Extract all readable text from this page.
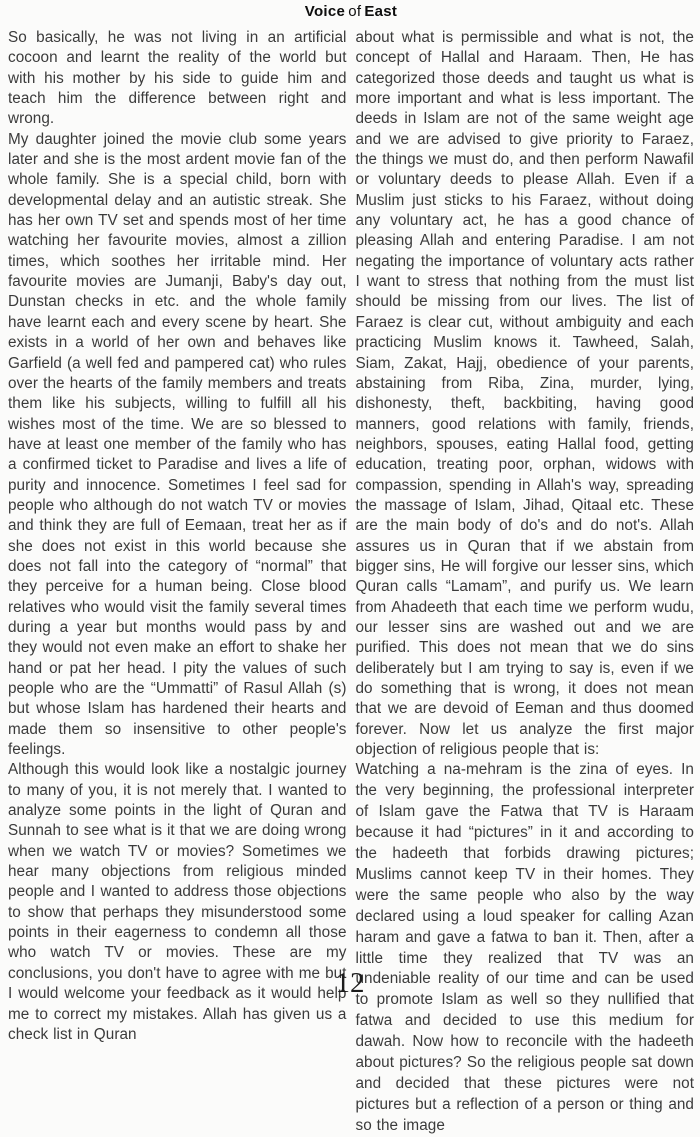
Voice of East

So basically, he was not living in an artificial cocoon and learnt the reality of the world but with his mother by his side to guide him and teach him the difference between right and wrong.

My daughter joined the movie club some years later and she is the most ardent movie fan of the whole family. She is a special child, born with developmental delay and an autistic streak. She has her own TV set and spends most of her time watching her favourite movies, almost a zillion times, which soothes her irritable mind. Her favourite movies are Jumanji, Baby's day out, Dunstan checks in etc. and the whole family have learnt each and every scene by heart. She exists in a world of her own and behaves like Garfield (a well fed and pampered cat) who rules over the hearts of the family members and treats them like his subjects, willing to fulfill all his wishes most of the time. We are so blessed to have at least one member of the family who has a confirmed ticket to Paradise and lives a life of purity and innocence. Sometimes I feel sad for people who although do not watch TV or movies and think they are full of Eemaan, treat her as if she does not exist in this world because she does not fall into the category of “normal” that they perceive for a human being. Close blood relatives who would visit the family several times during a year but months would pass by and they would not even make an effort to shake her hand or pat her head. I pity the values of such people who are the “Ummatti” of Rasul Allah (s) but whose Islam has hardened their hearts and made them so insensitive to other people's feelings.

Although this would look like a nostalgic journey to many of you, it is not merely that. I wanted to analyze some points in the light of Quran and Sunnah to see what is it that we are doing wrong when we watch TV or movies? Sometimes we hear many objections from religious minded people and I wanted to address those objections to show that perhaps they misunderstood some points in their eagerness to condemn all those who watch TV or movies. These are my conclusions, you don't have to agree with me but I would welcome your feedback as it would help me to correct my mistakes. Allah has given us a check list in Quran

about what is permissible and what is not, the concept of Hallal and Haraam. Then, He has categorized those deeds and taught us what is more important and what is less important. The deeds in Islam are not of the same weight age and we are advised to give priority to Faraez, the things we must do, and then perform Nawafil or voluntary deeds to please Allah. Even if a Muslim just sticks to his Faraez, without doing any voluntary act, he has a good chance of pleasing Allah and entering Paradise. I am not negating the importance of voluntary acts rather I want to stress that nothing from the must list should be missing from our lives. The list of Faraez is clear cut, without ambiguity and each practicing Muslim knows it. Tawheed, Salah, Siam, Zakat, Hajj, obedience of your parents, abstaining from Riba, Zina, murder, lying, dishonesty, theft, backbiting, having good manners, good relations with family, friends, neighbors, spouses, eating Hallal food, getting education, treating poor, orphan, widows with compassion, spending in Allah's way, spreading the massage of Islam, Jihad, Qitaal etc. These are the main body of do's and do not's. Allah assures us in Quran that if we abstain from bigger sins, He will forgive our lesser sins, which Quran calls “Lamam”, and purify us. We learn from Ahadeeth that each time we perform wudu, our lesser sins are washed out and we are purified. This does not mean that we do sins deliberately but I am trying to say is, even if we do something that is wrong, it does not mean that we are devoid of Eeman and thus doomed forever. Now let us analyze the first major objection of religious people that is:

Watching a na-mehram is the zina of eyes. In the very beginning, the professional interpreter of Islam gave the Fatwa that TV is Haraam because it had “pictures” in it and according to the hadeeth that forbids drawing pictures; Muslims cannot keep TV in their homes. They were the same people who also by the way declared using a loud speaker for calling Azan haram and gave a fatwa to ban it. Then, after a little time they realized that TV was an undeniable reality of our time and can be used to promote Islam as well so they nullified that fatwa and decided to use this medium for dawah. Now how to reconcile with the hadeeth about pictures? So the religious people sat down and decided that these pictures were not pictures but a reflection of a person or thing and so the image

12
